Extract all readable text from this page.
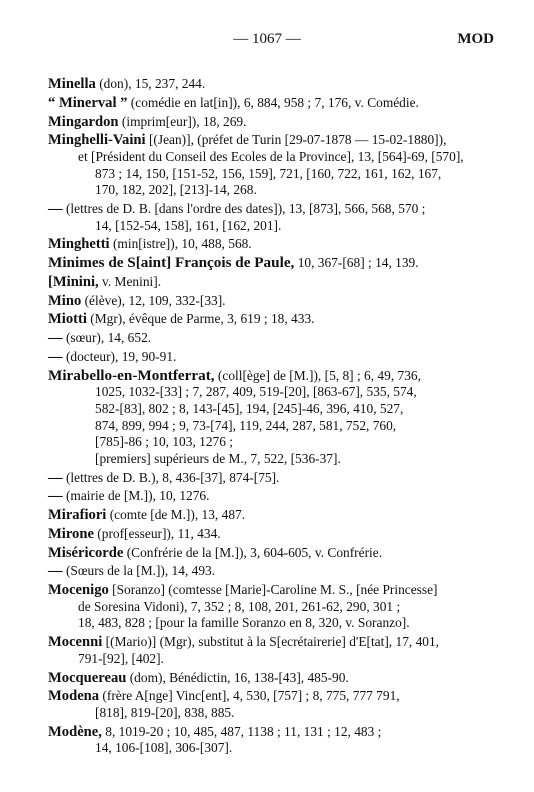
— 1067 —	MOD
Minella (don), 15, 237, 244.
“ Minerval ” (comédie en lat[in]), 6, 884, 958 ; 7, 176, v. Comédie.
Mingardon (imprim[eur]), 18, 269.
Minghelli-Vaini [(Jean)], (préfet de Turin [29-07-1878 — 15-02-1880]),
et [Président du Conseil des Ecoles de la Province], 13, [564]-69, [570],
873 ; 14, 150, [151-52, 156, 159], 721, [160, 722, 161, 162, 167,
170, 182, 202], [213]-14, 268.
— (lettres de D. B. [dans l'ordre des dates]), 13, [873], 566, 568, 570 ;
14, [152-54, 158], 161, [162, 201].
Minghetti (min[istre]), 10, 488, 568.
Minimes de S[aint] François de Paule, 10, 367-[68] ; 14, 139.
[Minini, v. Menini].
Mino (élève), 12, 109, 332-[33].
Miotti (Mgr), évêque de Parme, 3, 619 ; 18, 433.
— (sœur), 14, 652.
— (docteur), 19, 90-91.
Mirabello-en-Montferrat, (coll[ège] de [M.]), [5, 8] ; 6, 49, 736,
1025, 1032-[33] ; 7, 287, 409, 519-[20], [863-67], 535, 574,
582-[83], 802 ; 8, 143-[45], 194, [245]-46, 396, 410, 527,
874, 899, 994 ; 9, 73-[74], 119, 244, 287, 581, 752, 760,
[785]-86 ; 10, 103, 1276 ;
[premiers] supérieurs de M., 7, 522, [536-37].
— (lettres de D. B.), 8, 436-[37], 874-[75].
— (mairie de [M.]), 10, 1276.
Mirafiori (comte [de M.]), 13, 487.
Mirone (prof[esseur]), 11, 434.
Miséricorde (Confrérie de la [M.]), 3, 604-605, v. Confrérie.
— (Sœurs de la [M.]), 14, 493.
Mocenigo [Soranzo] (comtesse [Marie]-Caroline M. S., [née Princesse]
de Soresina Vidoni), 7, 352 ; 8, 108, 201, 261-62, 290, 301 ;
18, 483, 828 ; [pour la famille Soranzo en 8, 320, v. Soranzo].
Mocenni [(Mario)] (Mgr), substitut à la S[ecrétairerie] d'E[tat], 17, 401,
791-[92], [402].
Mocquereau (dom), Bénédictin, 16, 138-[43], 485-90.
Modena (frère A[nge] Vinc[ent], 4, 530, [757] ; 8, 775, 777 791,
[818], 819-[20], 838, 885.
Modène, 8, 1019-20 ; 10, 485, 487, 1138 ; 11, 131 ; 12, 483 ;
14, 106-[108], 306-[307].
